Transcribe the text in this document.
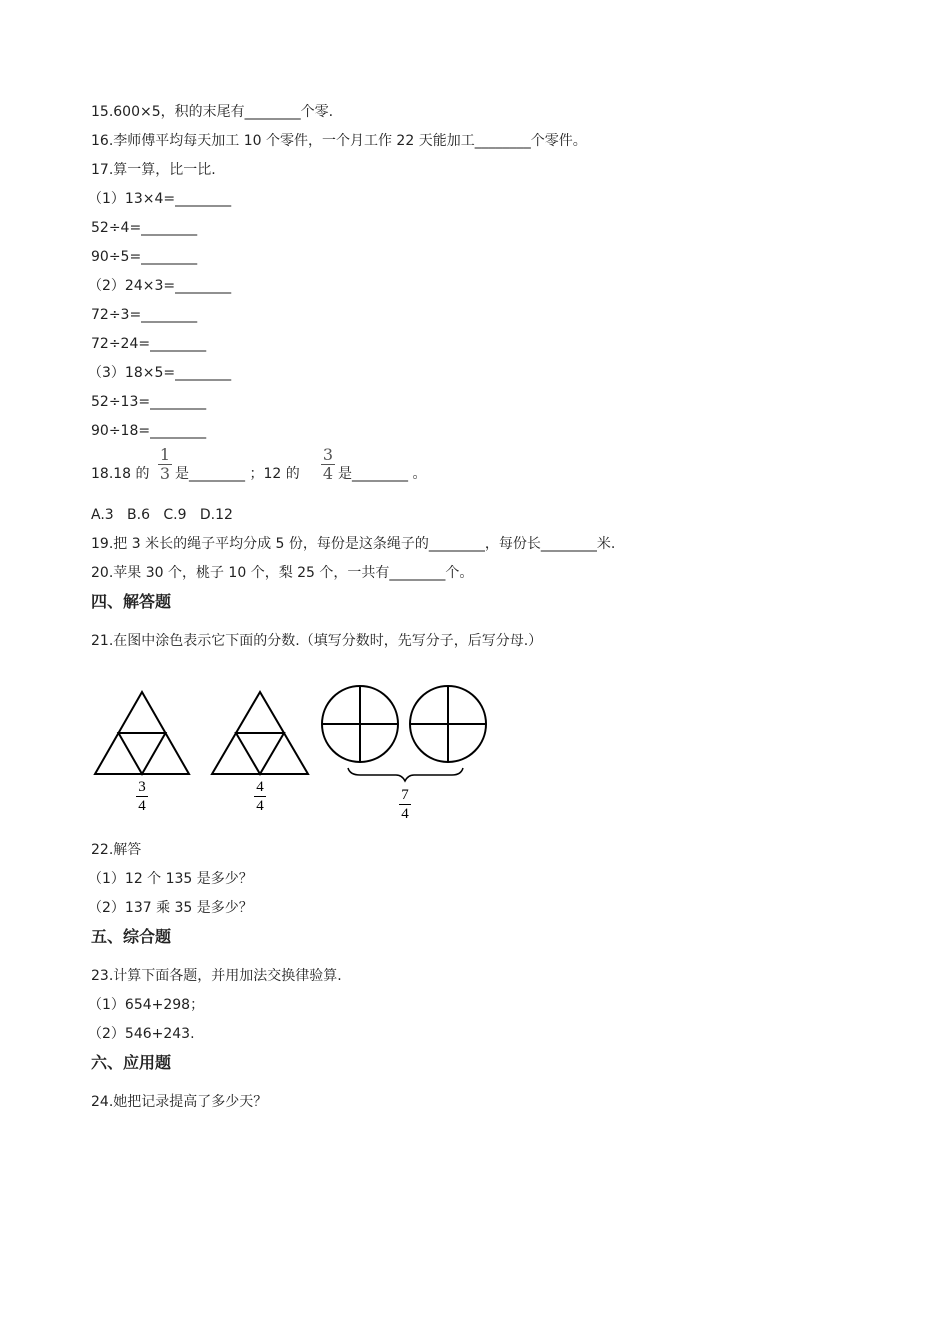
15.600×5，积的末尾有________个零.
16.李师傅平均每天加工 10 个零件，一个月工作 22 天能加工________个零件。
17.算一算，比一比.
（1）13×4=________
52÷4=________
90÷5=________
（2）24×3=________
72÷3=________
72÷24=________
（3）18×5=________
52÷13=________
90÷18=________
18.18 的
1
3 是________ ；12 的
3
4 是________ 。
A.3   B.6   C.9   D.12
19.把 3 米长的绳子平均分成 5 份，每份是这条绳子的________，每份长________米.
20.苹果 30 个，桃子 10 个，梨 25 个，一共有________个。
四、解答题
21.在图中涂色表示它下面的分数.（填写分数时，先写分子，后写分母.）
3
4
4
4
7
4
22.解答
（1）12 个 135 是多少？
（2）137 乘 35 是多少？
五、综合题
23.计算下面各题，并用加法交换律验算.
（1）654+298；
（2）546+243.
六、应用题
24.她把记录提高了多少天？
